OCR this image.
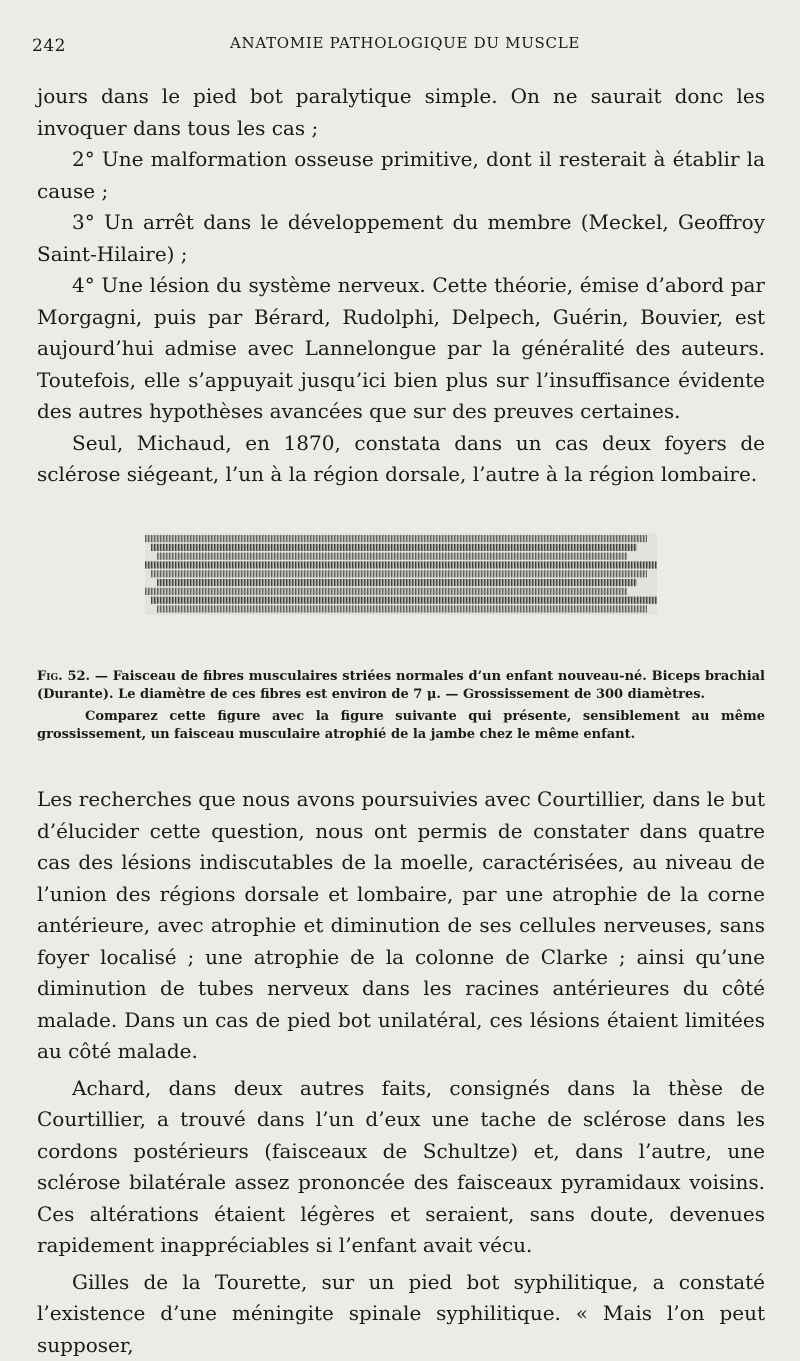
242	ANATOMIE PATHOLOGIQUE DU MUSCLE

jours dans le pied bot paralytique simple. On ne saurait donc les invoquer dans tous les cas ;

2° Une malformation osseuse primitive, dont il resterait à établir la cause ;

3° Un arrêt dans le développement du membre (Meckel, Geoffroy Saint-Hilaire) ;

4° Une lésion du système nerveux. Cette théorie, émise d’abord par Morgagni, puis par Bérard, Rudolphi, Delpech, Guérin, Bouvier, est aujourd’hui admise avec Lannelongue par la généralité des auteurs. Toutefois, elle s’appuyait jusqu’ici bien plus sur l’insuffisance évidente des autres hypothèses avancées que sur des preuves certaines.

Seul, Michaud, en 1870, constata dans un cas deux foyers de sclérose siégeant, l’un à la région dorsale, l’autre à la région lombaire.

Fig. 52. — Faisceau de fibres musculaires striées normales d’un enfant nouveau-né. Biceps brachial (Durante). Le diamètre de ces fibres est environ de 7 μ. — Grossissement de 300 diamètres.

Comparez cette figure avec la figure suivante qui présente, sensiblement au même grossissement, un faisceau musculaire atrophié de la jambe chez le même enfant.

Les recherches que nous avons poursuivies avec Courtillier, dans le but d’élucider cette question, nous ont permis de constater dans quatre cas des lésions indiscutables de la moelle, caractérisées, au niveau de l’union des régions dorsale et lombaire, par une atrophie de la corne antérieure, avec atrophie et diminution de ses cellules nerveuses, sans foyer localisé ; une atrophie de la colonne de Clarke ; ainsi qu’une diminution de tubes nerveux dans les racines antérieures du côté malade. Dans un cas de pied bot unilatéral, ces lésions étaient limitées au côté malade.

Achard, dans deux autres faits, consignés dans la thèse de Courtillier, a trouvé dans l’un d’eux une tache de sclérose dans les cordons postérieurs (faisceaux de Schultze) et, dans l’autre, une sclérose bilatérale assez prononcée des faisceaux pyramidaux voisins. Ces altérations étaient légères et seraient, sans doute, devenues rapidement inappréciables si l’enfant avait vécu.

Gilles de la Tourette, sur un pied bot syphilitique, a constaté l’existence d’une méningite spinale syphilitique. « Mais l’on peut supposer,
